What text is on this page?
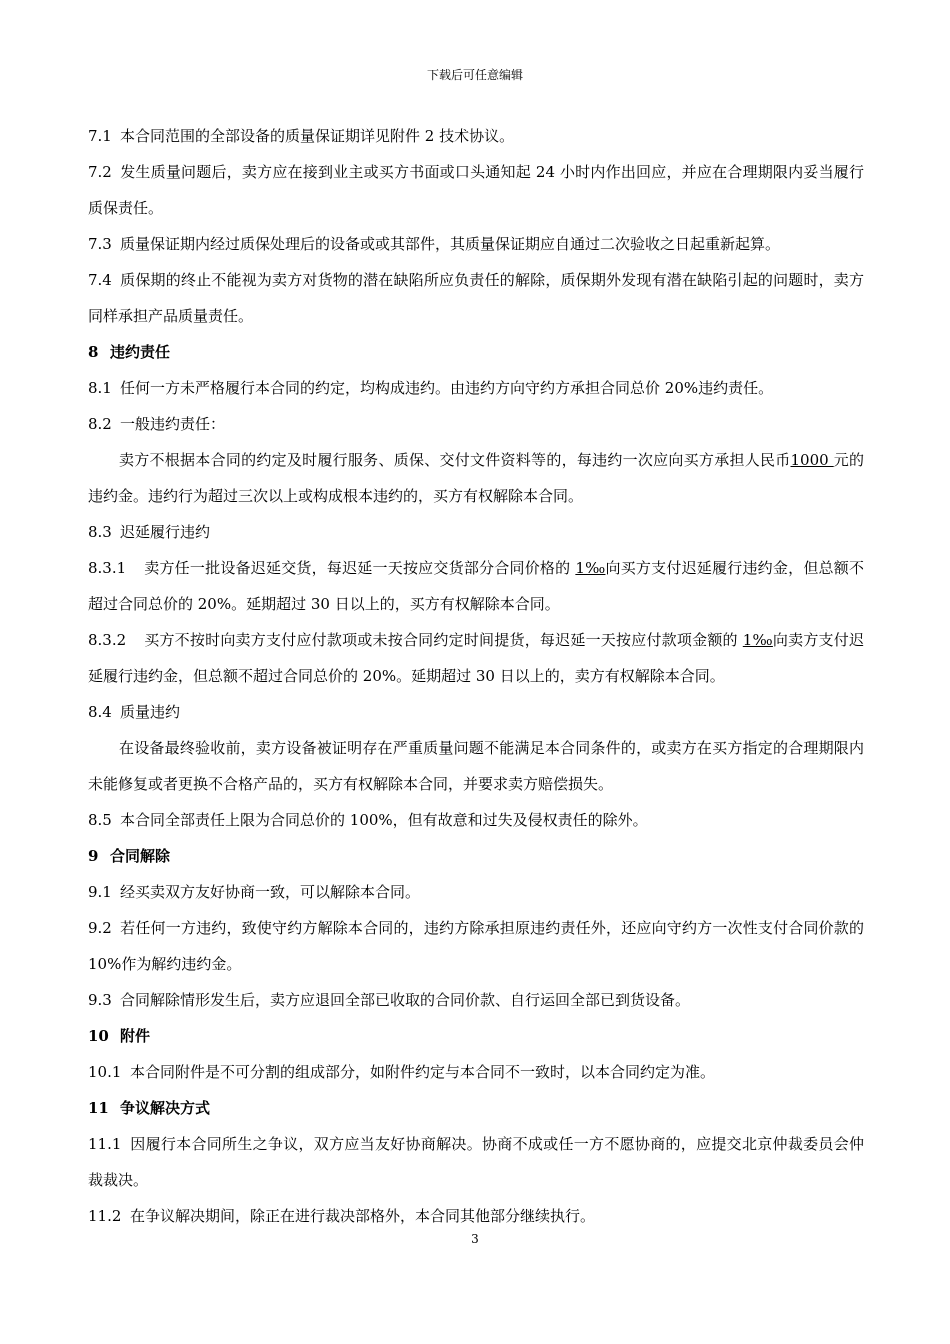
下载后可任意编辑

7.1 本合同范围的全部设备的质量保证期详见附件 2 技术协议。

7.2 发生质量问题后，卖方应在接到业主或买方书面或口头通知起 24 小时内作出回应，并应在合理期限内妥当履行质保责任。

7.3 质量保证期内经过质保处理后的设备或或其部件，其质量保证期应自通过二次验收之日起重新起算。

7.4 质保期的终止不能视为卖方对货物的潜在缺陷所应负责任的解除，质保期外发现有潜在缺陷引起的问题时，卖方同样承担产品质量责任。

8 违约责任

8.1 任何一方未严格履行本合同的约定，均构成违约。由违约方向守约方承担合同总价 20%违约责任。

8.2 一般违约责任：

卖方不根据本合同的约定及时履行服务、质保、交付文件资料等的，每违约一次应向买方承担人民币1000 元的违约金。违约行为超过三次以上或构成根本违约的，买方有权解除本合同。

8.3 迟延履行违约

8.3.1 卖方任一批设备迟延交货，每迟延一天按应交货部分合同价格的 1‰向买方支付迟延履行违约金，但总额不超过合同总价的 20%。延期超过 30 日以上的，买方有权解除本合同。

8.3.2 买方不按时向卖方支付应付款项或未按合同约定时间提货，每迟延一天按应付款项金额的 1‰向卖方支付迟延履行违约金，但总额不超过合同总价的 20%。延期超过 30 日以上的，卖方有权解除本合同。

8.4 质量违约

在设备最终验收前，卖方设备被证明存在严重质量问题不能满足本合同条件的，或卖方在买方指定的合理期限内未能修复或者更换不合格产品的，买方有权解除本合同，并要求卖方赔偿损失。

8.5 本合同全部责任上限为合同总价的 100%，但有故意和过失及侵权责任的除外。

9 合同解除

9.1 经买卖双方友好协商一致，可以解除本合同。

9.2 若任何一方违约，致使守约方解除本合同的，违约方除承担原违约责任外，还应向守约方一次性支付合同价款的 10%作为解约违约金。

9.3 合同解除情形发生后，卖方应退回全部已收取的合同价款、自行运回全部已到货设备。

10 附件

10.1 本合同附件是不可分割的组成部分，如附件约定与本合同不一致时，以本合同约定为准。

11 争议解决方式

11.1 因履行本合同所生之争议，双方应当友好协商解决。协商不成或任一方不愿协商的，应提交北京仲裁委员会仲裁裁决。

11.2 在争议解决期间，除正在进行裁决部格外，本合同其他部分继续执行。

3
